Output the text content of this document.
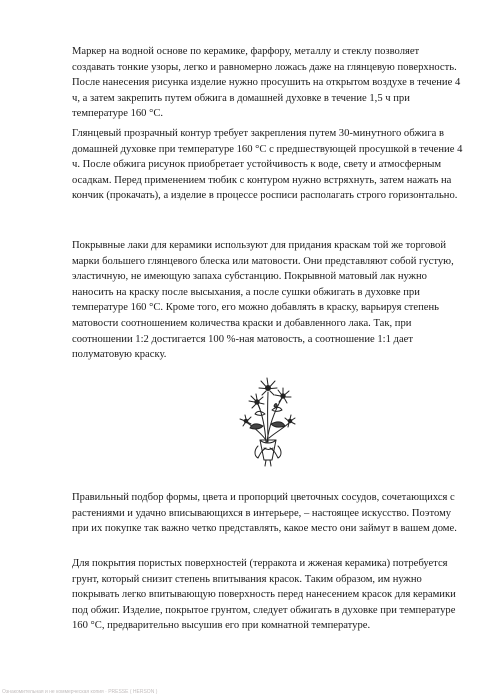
Маркер на водной основе по керамике, фарфору, металлу и стеклу позволяет создавать тонкие узоры, легко и равномерно ложась даже на глянцевую поверхность. После нанесения рисунка изделие нужно просушить на открытом воздухе в течение 4 ч, а затем закрепить путем обжига в домашней духовке в течение 1,5 ч при температуре 160 °С.

Глянцевый прозрачный контур требует закрепления путем 30-минутного обжига в домашней духовке при температуре 160 °С с предшествующей просушкой в течение 4 ч. После обжига рисунок приобретает устойчивость к воде, свету и атмосферным осадкам. Перед применением тюбик с контуром нужно встряхнуть, затем нажать на кончик (прокачать), а изделие в процессе росписи располагать строго горизонтально.

Покрывные лаки для керамики используют для придания краскам той же торговой марки большего глянцевого блеска или матовости. Они представляют собой густую, эластичную, не имеющую запаха субстанцию. Покрывной матовый лак нужно наносить на краску после высыхания, а после сушки обжигать в духовке при температуре 160 °С. Кроме того, его можно добавлять в краску, варьируя степень матовости соотношением количества краски и добавленного лака. Так, при соотношении 1:2 достигается 100 %-ная матовость, а соотношение 1:1 дает полуматовую краску.

Правильный подбор формы, цвета и пропорций цветочных сосудов, сочетающихся с растениями и удачно вписывающихся в интерьере, – настоящее искусство. Поэтому при их покупке так важно четко представлять, какое место они займут в вашем доме.

Для покрытия пористых поверхностей (терракота и жженая керамика) потребуется грунт, который снизит степень впитывания красок. Таким образом, им нужно покрывать легко впитывающую поверхность перед нанесением красок для керамики под обжиг. Изделие, покрытое грунтом, следует обжигать в духовке при температуре 160 °С, предварительно высушив его при комнатной температуре.

Ознакомительная и не коммерческая копия · PRESSE ( HERSON )
